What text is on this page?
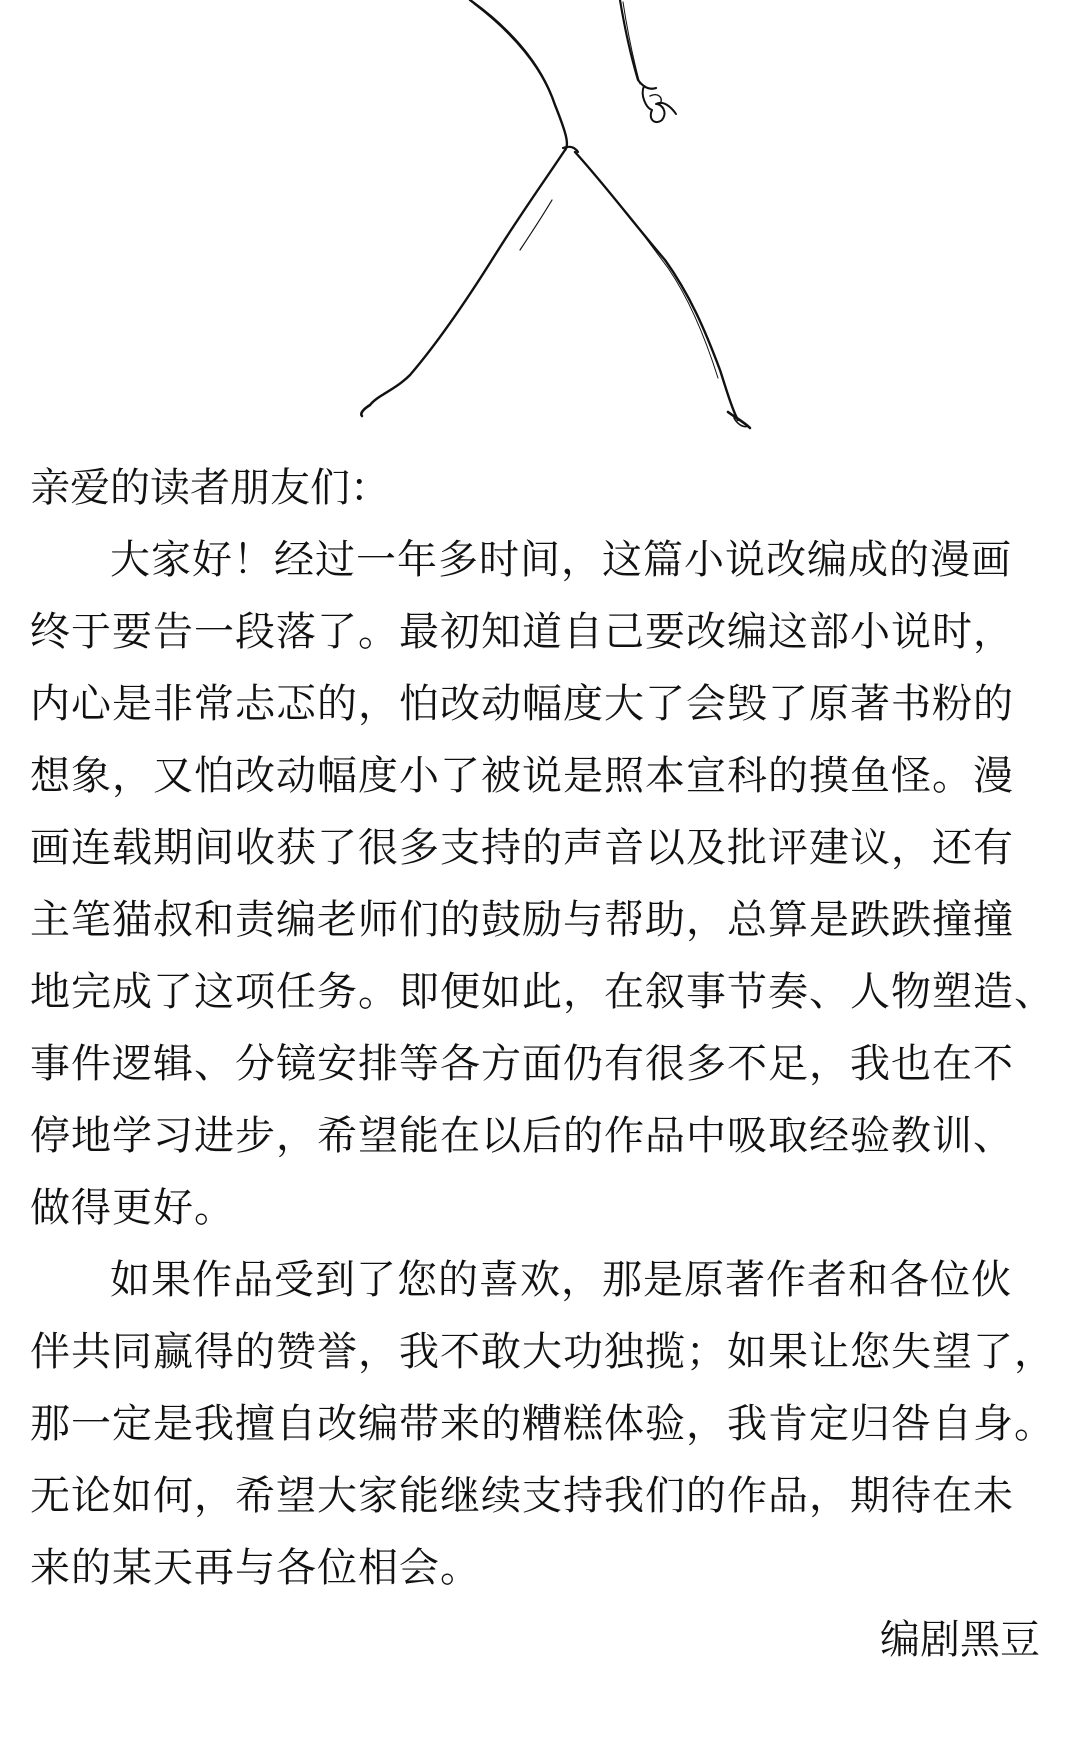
亲爱的读者朋友们：

大家好！经过一年多时间，这篇小说改编成的漫画

终于要告一段落了。最初知道自己要改编这部小说时，

内心是非常忐忑的，怕改动幅度大了会毁了原著书粉的

想象，又怕改动幅度小了被说是照本宣科的摸鱼怪。漫

画连载期间收获了很多支持的声音以及批评建议，还有

主笔猫叔和责编老师们的鼓励与帮助，总算是跌跌撞撞

地完成了这项任务。即便如此，在叙事节奏、人物塑造、

事件逻辑、分镜安排等各方面仍有很多不足，我也在不

停地学习进步，希望能在以后的作品中吸取经验教训、

做得更好。

如果作品受到了您的喜欢，那是原著作者和各位伙

伴共同赢得的赞誉，我不敢大功独揽；如果让您失望了，

那一定是我擅自改编带来的糟糕体验，我肯定归咎自身。

无论如何，希望大家能继续支持我们的作品，期待在未

来的某天再与各位相会。

编剧黑豆
